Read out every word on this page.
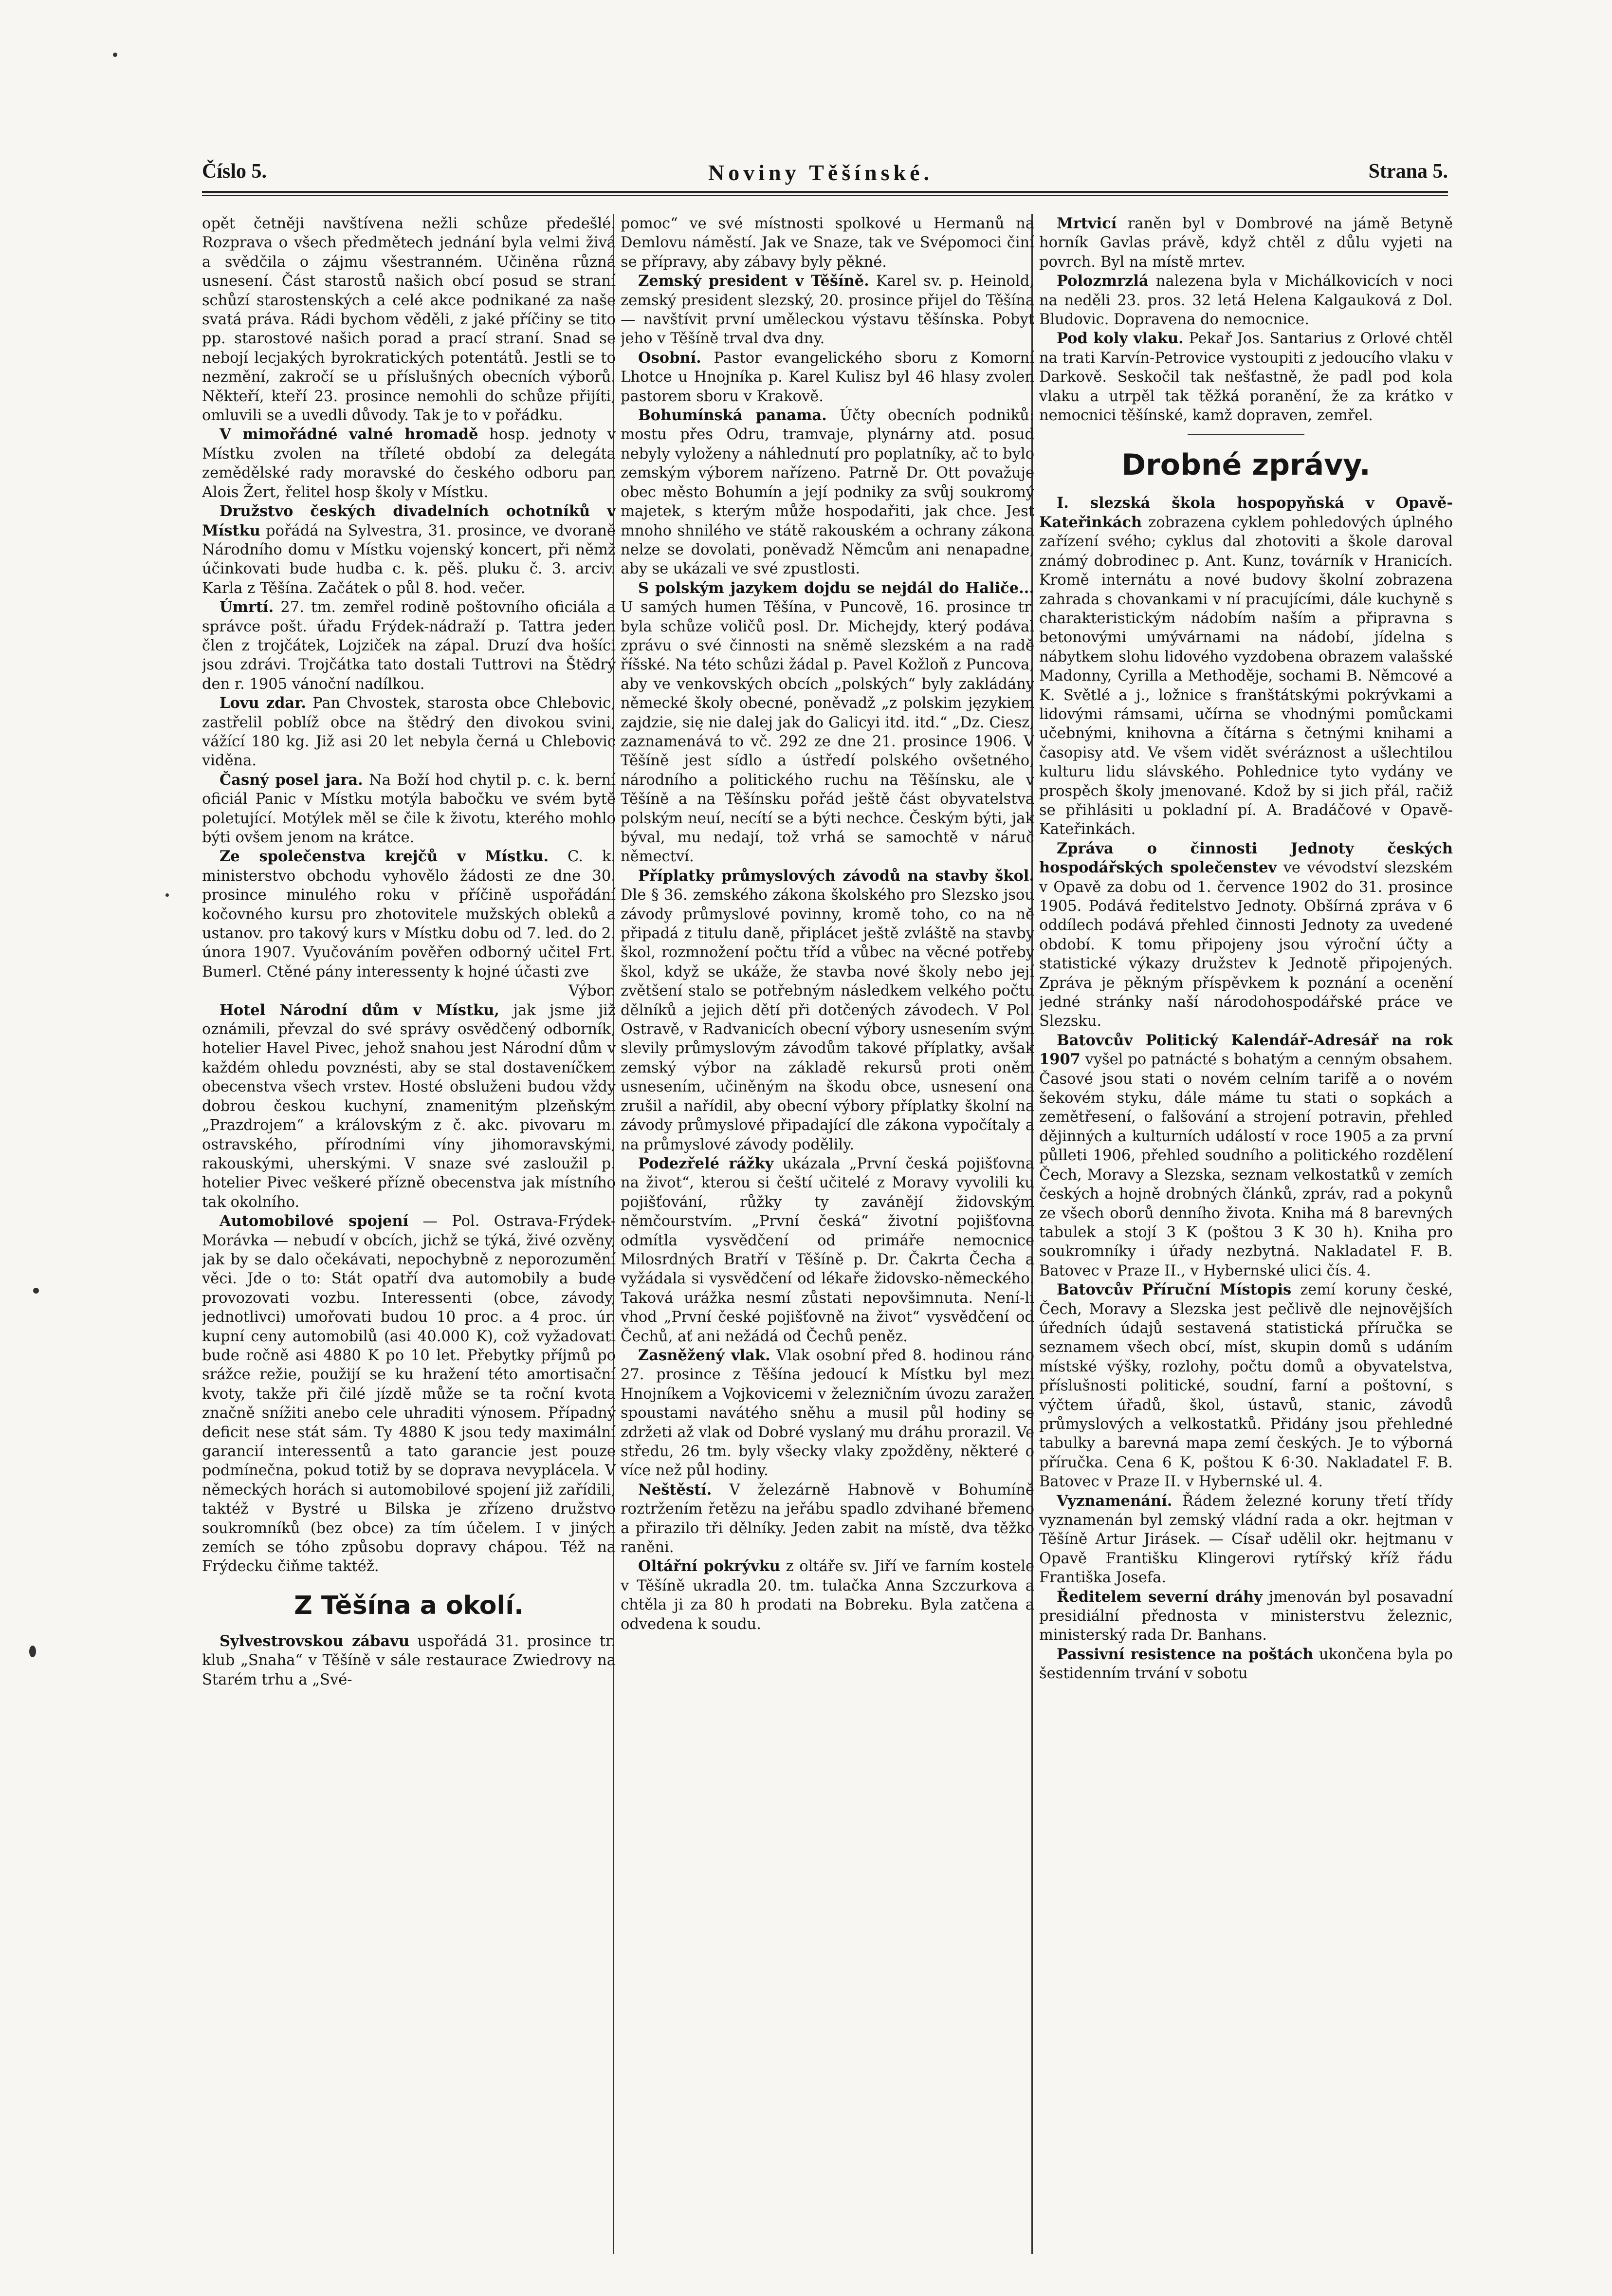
Číslo 5.	Noviny Těšínské.	Strana 5.

opět četněji navštívena nežli schůze předešlé. Rozprava o všech předmětech jednání byla velmi živá a svědčila o zájmu všestranném. Učiněna různá usnesení. Část starostů našich obcí posud se straní schůzí starostenských a celé akce podnikané za naše svatá práva. Rádi bychom věděli, z jaké příčiny se tito pp. starostové našich porad a prací straní. Snad se nebojí lecjakých byrokratických potentátů. Jestli se to nezmění, zakročí se u příslušných obecních výborů. Někteří, kteří 23. prosince nemohli do schůze přijíti, omluvili se a uvedli důvody. Tak je to v pořádku.

V mimořádné valné hromadě hosp. jednoty v Místku zvolen na tříleté období za delegáta zemědělské rady moravské do českého odboru pan Alois Žert, řelitel hosp školy v Místku.

Družstvo českých divadelních ochotníků v Místku pořádá na Sylvestra, 31. prosince, ve dvoraně Národního domu v Místku vojenský koncert, při němž účinkovati bude hudba c. k. pěš. pluku č. 3. arciv. Karla z Těšína. Začátek o půl 8. hod. večer.

Úmrtí. 27. tm. zemřel rodině poštovního oficiála a správce pošt. úřadu Frýdek-nádraží p. Tattra jeden člen z trojčátek, Lojziček na zápal. Druzí dva hošíci jsou zdrávi. Trojčátka tato dostali Tuttrovi na Štědrý den r. 1905 vánoční nadílkou.

Lovu zdar. Pan Chvostek, starosta obce Chlebovic, zastřelil poblíž obce na štědrý den divokou svini, vážící 180 kg. Již asi 20 let nebyla černá u Chlebovic viděna.

Časný posel jara. Na Boží hod chytil p. c. k. berní oficiál Panic v Místku motýla babočku ve svém bytě poletující. Motýlek měl se čile k životu, kterého mohlo býti ovšem jenom na krátce.

Ze společenstva krejčů v Místku. C. k. ministerstvo obchodu vyhovělo žádosti ze dne 30. prosince minulého roku v příčině uspořádání kočovného kursu pro zhotovitele mužských obleků a ustanov. pro takový kurs v Místku dobu od 7. led. do 2. února 1907. Vyučováním pověřen odborný učitel Frt. Bumerl. Ctěné pány interessenty k hojné účasti zve
Výbor.

Hotel Národní dům v Místku, jak jsme již oznámili, převzal do své správy osvědčený odborník, hotelier Havel Pivec, jehož snahou jest Národní dům v každém ohledu povznésti, aby se stal dostaveníčkem obecenstva všech vrstev. Hosté obsluženi budou vždy dobrou českou kuchyní, znamenitým plzeňským „Prazdrojem“ a královským z č. akc. pivovaru m. ostravského, přírodními víny jihomoravskými, rakouskými, uherskými. V snaze své zasloužil p. hotelier Pivec veškeré přízně obecenstva jak místního tak okolního.

Automobilové spojení — Pol. Ostrava-Frýdek-Morávka — nebudí v obcích, jichž se týká, živé ozvěny, jak by se dalo očekávati, nepochybně z neporozumění věci. Jde o to: Stát opatří dva automobily a bude provozovati vozbu. Interessenti (obce, závody, jednotlivci) umořovati budou 10 proc. a 4 proc. úr. kupní ceny automobilů (asi 40.000 K), což vyžadovati bude ročně asi 4880 K po 10 let. Přebytky příjmů po srážce režie, použijí se ku hražení této amortisační kvoty, takže při čilé jízdě může se ta roční kvota značně snížiti anebo cele uhraditi výnosem. Případný deficit nese stát sám. Ty 4880 K jsou tedy maximální garancií interessentů a tato garancie jest pouze podmínečna, pokud totiž by se doprava nevyplácela. V německých horách si automobilové spojení již zařídili, taktéž v Bystré u Bilska je zřízeno družstvo soukromníků (bez obce) za tím účelem. I v jiných zemích se tóho způsobu dopravy chápou. Též na Frýdecku čiňme taktéž.

Z Těšína a okolí.

Sylvestrovskou zábavu uspořádá 31. prosince tr. klub „Snaha“ v Těšíně v sále restaurace Zwiedrovy na Starém trhu a „Své-

pomoc“ ve své místnosti spolkové u Hermanů na Demlovu náměstí. Jak ve Snaze, tak ve Svépomoci činí se přípravy, aby zábavy byly pěkné.

Zemský president v Těšíně. Karel sv. p. Heinold, zemský president slezský, 20. prosince přijel do Těšína — navštívit první uměleckou výstavu těšínska. Pobyt jeho v Těšíně trval dva dny.

Osobní. Pastor evangelického sboru z Komorní Lhotce u Hnojníka p. Karel Kulisz byl 46 hlasy zvolen pastorem sboru v Krakově.

Bohumínská panama. Účty obecních podniků: mostu přes Odru, tramvaje, plynárny atd. posud nebyly vyloženy a náhlednutí pro poplatníky, ač to bylo zemským výborem nařízeno. Patrně Dr. Ott považuje obec město Bohumín a její podniky za svůj soukromý majetek, s kterým může hospodařiti, jak chce. Jest mnoho shnilého ve státě rakouském a ochrany zákona nelze se dovolati, poněvadž Němcům ani nenapadne, aby se ukázali ve své zpustlosti.

S polským jazykem dojdu se nejdál do Haliče... U samých humen Těšína, v Puncově, 16. prosince tr. byla schůze voličů posl. Dr. Michejdy, který podával zprávu o své činnosti na sněmě slezském a na radě říšské. Na této schůzi žádal p. Pavel Kožloň z Puncova, aby ve venkovských obcích „polských“ byly zakládány německé školy obecné, poněvadž „z polskim językiem zajdzie, się nie dalej jak do Galicyi itd. itd.“ „Dz. Ciesz, zaznamenává to vč. 292 ze dne 21. prosince 1906. V Těšíně jest sídlo a ústředí polského ovšetného, národního a politického ruchu na Těšínsku, ale v Těšíně a na Těšínsku pořád ještě část obyvatelstva polským neuí, necítí se a býti nechce. Českým býti, jak býval, mu nedají, tož vrhá se samochtě v náruč němectví.

Příplatky průmyslových závodů na stavby škol. Dle § 36. zemského zákona školského pro Slezsko jsou závody průmyslové povinny, kromě toho, co na ně připadá z titulu daně, připlácet ještě zvláště na stavby škol, rozmnožení počtu tříd a vůbec na věcné potřeby škol, když se ukáže, že stavba nové školy nebo její zvětšení stalo se potřebným následkem velkého počtu dělníků a jejich dětí při dotčených závodech. V Pol. Ostravě, v Radvanicích obecní výbory usnesením svým slevily průmyslovým závodům takové příplatky, avšak zemský výbor na základě rekursů proti oněm usnesením, učiněným na škodu obce, usnesení ona zrušil a nařídil, aby obecní výbory příplatky školní na závody průmyslové připadající dle zákona vypočítaly a na průmyslové závody podělily.

Podezřelé rážky ukázala „První česká pojišťovna na život“, kterou si čeští učitelé z Moravy vyvolili ku pojišťování, růžky ty zavánějí židovským němčourstvím. „První česká“ životní pojišťovna odmítla vysvědčení od primáře nemocnice Milosrdných Bratří v Těšíně p. Dr. Čakrta Čecha a vyžádala si vysvědčení od lékaře židovsko-německého. Taková urážka nesmí zůstati nepovšimnuta. Není-li vhod „První české pojišťovně na život“ vysvědčení od Čechů, ať ani nežádá od Čechů peněz.

Zasněžený vlak. Vlak osobní před 8. hodinou ráno 27. prosince z Těšína jedoucí k Místku byl mezi Hnojníkem a Vojkovicemi v železničním úvozu zaražen spoustami navátého sněhu a musil půl hodiny se zdržeti až vlak od Dobré vyslaný mu dráhu prorazil. Ve středu, 26 tm. byly všecky vlaky zpožděny, některé o více než půl hodiny.

Neštěstí. V železárně Habnově v Bohumíně roztržením řetězu na jeřábu spadlo zdvihané břemeno a přirazilo tři dělníky. Jeden zabit na místě, dva těžko raněni.

Oltářní pokrývku z oltáře sv. Jiří ve farním kostele v Těšíně ukradla 20. tm. tulačka Anna Szczurkova a chtěla ji za 80 h prodati na Bobreku. Byla zatčena a odvedena k soudu.

Mrtvicí raněn byl v Dombrové na jámě Betyně horník Gavlas právě, když chtěl z důlu vyjeti na povrch. Byl na místě mrtev.

Polozmrzlá nalezena byla v Michálkovicích v noci na neděli 23. pros. 32 letá Helena Kalgauková z Dol. Bludovic. Dopravena do nemocnice.

Pod koly vlaku. Pekař Jos. Santarius z Orlové chtěl na trati Karvín-Petrovice vystoupiti z jedoucího vlaku v Darkově. Seskočil tak nešťastně, že padl pod kola vlaku a utrpěl tak těžká poranění, že za krátko v nemocnici těšínské, kamž dopraven, zemřel.

Drobné zprávy.

I. slezská škola hospopyňská v Opavě-Kateřinkách zobrazena cyklem pohledových úplného zařízení svého; cyklus dal zhotoviti a škole daroval známý dobrodinec p. Ant. Kunz, továrník v Hranicích. Kromě internátu a nové budovy školní zobrazena zahrada s chovankami v ní pracujícími, dále kuchyně s charakteristickým nádobím naším a připravna s betonovými umývárnami na nádobí, jídelna s nábytkem slohu lidového vyzdobena obrazem valašské Madonny, Cyrilla a Methoděje, sochami B. Němcové a K. Světlé a j., ložnice s franštátskými pokrývkami a lidovými rámsami, učírna se vhodnými pomůckami učebnými, knihovna a čítárna s četnými knihami a časopisy atd. Ve všem vidět svéráznost a ušlechtilou kulturu lidu slávského. Pohlednice tyto vydány ve prospěch školy jmenované. Kdož by si jich přál, račiž se přihlásiti u pokladní pí. A. Bradáčové v Opavě-Kateřinkách.

Zpráva o činnosti Jednoty českých hospodářských společenstev ve vévodství slezském v Opavě za dobu od 1. července 1902 do 31. prosince 1905. Podává ředitelstvo Jednoty. Obšírná zpráva v 6 oddílech podává přehled činnosti Jednoty za uvedené období. K tomu připojeny jsou výroční účty a statistické výkazy družstev k Jednotě připojených. Zpráva je pěkným příspěvkem k poznání a ocenění jedné stránky naší národohospodářské práce ve Slezsku.

Batovcův Politický Kalendář-Adresář na rok 1907 vyšel po patnácté s bohatým a cenným obsahem. Časové jsou stati o novém celním tarifě a o novém šekovém styku, dále máme tu stati o sopkách a zemětřesení, o falšování a strojení potravin, přehled dějinných a kulturních událostí v roce 1905 a za první půlleti 1906, přehled soudního a politického rozdělení Čech, Moravy a Slezska, seznam velkostatků v zemích českých a hojně drobných článků, zpráv, rad a pokynů ze všech oborů denního života. Kniha má 8 barevných tabulek a stojí 3 K (poštou 3 K 30 h). Kniha pro soukromníky i úřady nezbytná. Nakladatel F. B. Batovec v Praze II., v Hybernské ulici čís. 4.

Batovcův Příruční Místopis zemí koruny české, Čech, Moravy a Slezska jest pečlivě dle nejnovějších úředních údajů sestavená statistická příručka se seznamem všech obcí, míst, skupin domů s udáním místské výšky, rozlohy, počtu domů a obyvatelstva, příslušnosti politické, soudní, farní a poštovní, s výčtem úřadů, škol, ústavů, stanic, závodů průmyslových a velkostatků. Přidány jsou přehledné tabulky a barevná mapa zemí českých. Je to výborná příručka. Cena 6 K, poštou K 6·30. Nakladatel F. B. Batovec v Praze II. v Hybernské ul. 4.

Vyznamenání. Řádem železné koruny třetí třídy vyznamenán byl zemský vládní rada a okr. hejtman v Těšíně Artur Jirásek. — Císař udělil okr. hejtmanu v Opavě Františku Klingerovi rytířský kříž řádu Františka Josefa.

Ředitelem severní dráhy jmenován byl posavadní presidiální přednosta v ministerstvu železnic, ministerský rada Dr. Banhans.

Passivní resistence na poštách ukončena byla po šestidenním trvání v sobotu
